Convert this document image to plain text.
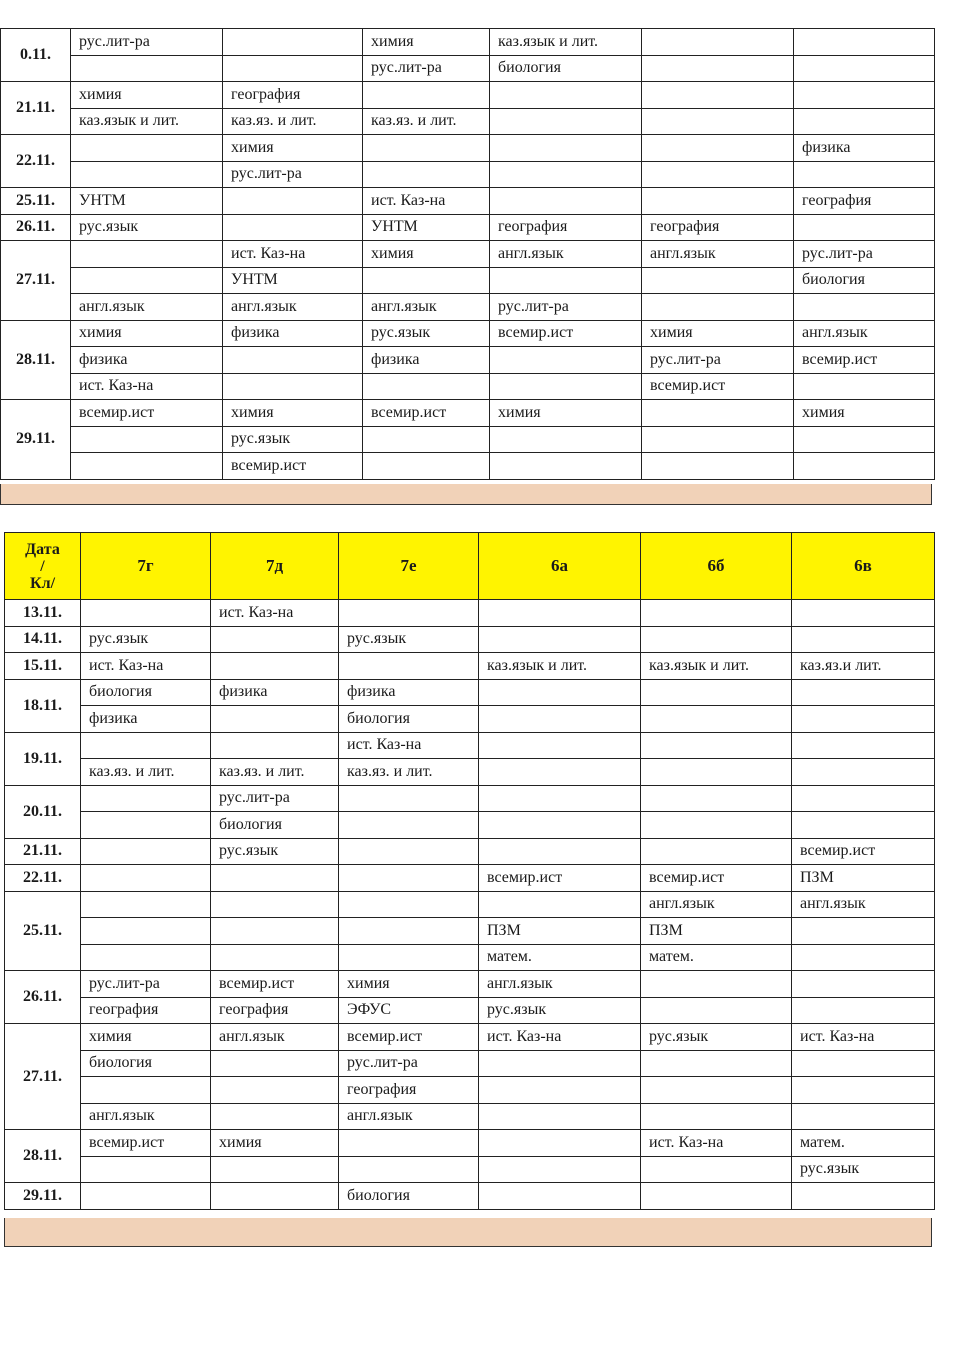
0.11.	рус.лит-ра		химия	каз.язык и лит.		
			рус.лит-ра	биология		
21.11.	химия	география				
	каз.язык и лит.	каз.яз. и лит.	каз.яз. и лит.			
22.11.		химия				физика
		рус.лит-ра				
25.11.	УНТМ		ист. Каз-на			география
26.11.	рус.язык		УНТМ	география	география	
27.11.		ист. Каз-на	химия	англ.язык	англ.язык	рус.лит-ра
		УНТМ				биология
	англ.язык	англ.язык	англ.язык	рус.лит-ра		
28.11.	химия	физика	рус.язык	всемир.ист	химия	англ.язык
	физика		физика		рус.лит-ра	всемир.ист
	ист. Каз-на				всемир.ист	
29.11.	всемир.ист	химия	всемир.ист	химия		химия
		рус.язык				
		всемир.ист				
Дата
/
Кл/	7г	7д	7е	6а	6б	6в
13.11.		ист. Каз-на				
14.11.	рус.язык		рус.язык			
15.11.	ист. Каз-на			каз.язык и лит.	каз.язык и лит.	каз.яз.и лит.
18.11.	биология	физика	физика			
	физика		биология			
19.11.			ист. Каз-на			
	каз.яз. и лит.	каз.яз. и лит.	каз.яз. и лит.			
20.11.		рус.лит-ра				
		биология				
21.11.		рус.язык				всемир.ист
22.11.				всемир.ист	всемир.ист	ПЗМ
25.11.					англ.язык	англ.язык
				ПЗМ	ПЗМ	
				матем.	матем.	
26.11.	рус.лит-ра	всемир.ист	химия	англ.язык		
	география	география	ЭФУС	рус.язык		
27.11.	химия	англ.язык	всемир.ист	ист. Каз-на	рус.язык	ист. Каз-на
	биология		рус.лит-ра			
			география			
	англ.язык		англ.язык			
28.11.	всемир.ист	химия			ист. Каз-на	матем.
						рус.язык
29.11.			биология			
